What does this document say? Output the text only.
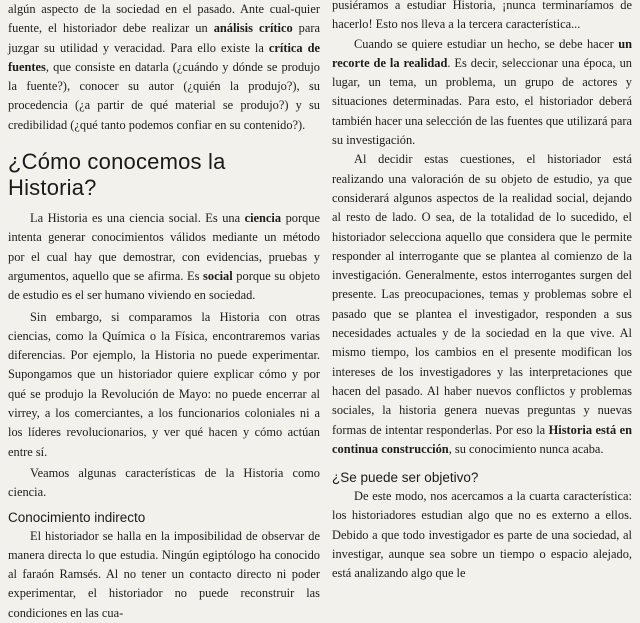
algún aspecto de la sociedad en el pasado. Ante cual-quier fuente, el historiador debe realizar un análisis crítico para juzgar su utilidad y veracidad. Para ello existe la crítica de fuentes, que consiste en datarla (¿cuándo y dónde se produjo la fuente?), conocer su autor (¿quién la produjo?), su procedencia (¿a partir de qué material se produjo?) y su credibilidad (¿qué tanto podemos confiar en su contenido?).

¿Cómo conocemos la Historia?

La Historia es una ciencia social. Es una ciencia porque intenta generar conocimientos válidos mediante un método por el cual hay que demostrar, con evidencias, pruebas y argumentos, aquello que se afirma. Es social porque su objeto de estudio es el ser humano viviendo en sociedad.

Sin embargo, si comparamos la Historia con otras ciencias, como la Química o la Física, encontraremos varias diferencias. Por ejemplo, la Historia no puede experimentar. Supongamos que un historiador quiere explicar cómo y por qué se produjo la Revolución de Mayo: no puede encerrar al virrey, a los comerciantes, a los funcionarios coloniales ni a los líderes revolucionarios, y ver qué hacen y cómo actúan entre sí.

Veamos algunas características de la Historia como ciencia.

Conocimiento indirecto

El historiador se halla en la imposibilidad de observar de manera directa lo que estudia. Ningún egiptólogo ha conocido al faraón Ramsés. Al no tener un contacto directo ni poder experimentar, el historiador no puede reconstruir las condiciones en las cua-

pusiéramos a estudiar Historia, ¡nunca terminaríamos de hacerlo! Esto nos lleva a la tercera característica...

Cuando se quiere estudiar un hecho, se debe hacer un recorte de la realidad. Es decir, seleccionar una época, un lugar, un tema, un problema, un grupo de actores y situaciones determinadas. Para esto, el historiador deberá también hacer una selección de las fuentes que utilizará para su investigación.

Al decidir estas cuestiones, el historiador está realizando una valoración de su objeto de estudio, ya que considerará algunos aspectos de la realidad social, dejando al resto de lado. O sea, de la totalidad de lo sucedido, el historiador selecciona aquello que considera que le permite responder al interrogante que se plantea al comienzo de la investigación. Generalmente, estos interrogantes surgen del presente. Las preocupaciones, temas y problemas sobre el pasado que se plantea el investigador, responden a sus necesidades actuales y de la sociedad en la que vive. Al mismo tiempo, los cambios en el presente modifican los intereses de los investigadores y las interpretaciones que hacen del pasado. Al haber nuevos conflictos y problemas sociales, la historia genera nuevas preguntas y nuevas formas de intentar responderlas. Por eso la Historia está en continua construcción, su conocimiento nunca acaba.

¿Se puede ser objetivo?

De este modo, nos acercamos a la cuarta característica: los historiadores estudian algo que no es externo a ellos. Debido a que todo investigador es parte de una sociedad, al investigar, aunque sea sobre un tiempo o espacio alejado, está analizando algo que le
